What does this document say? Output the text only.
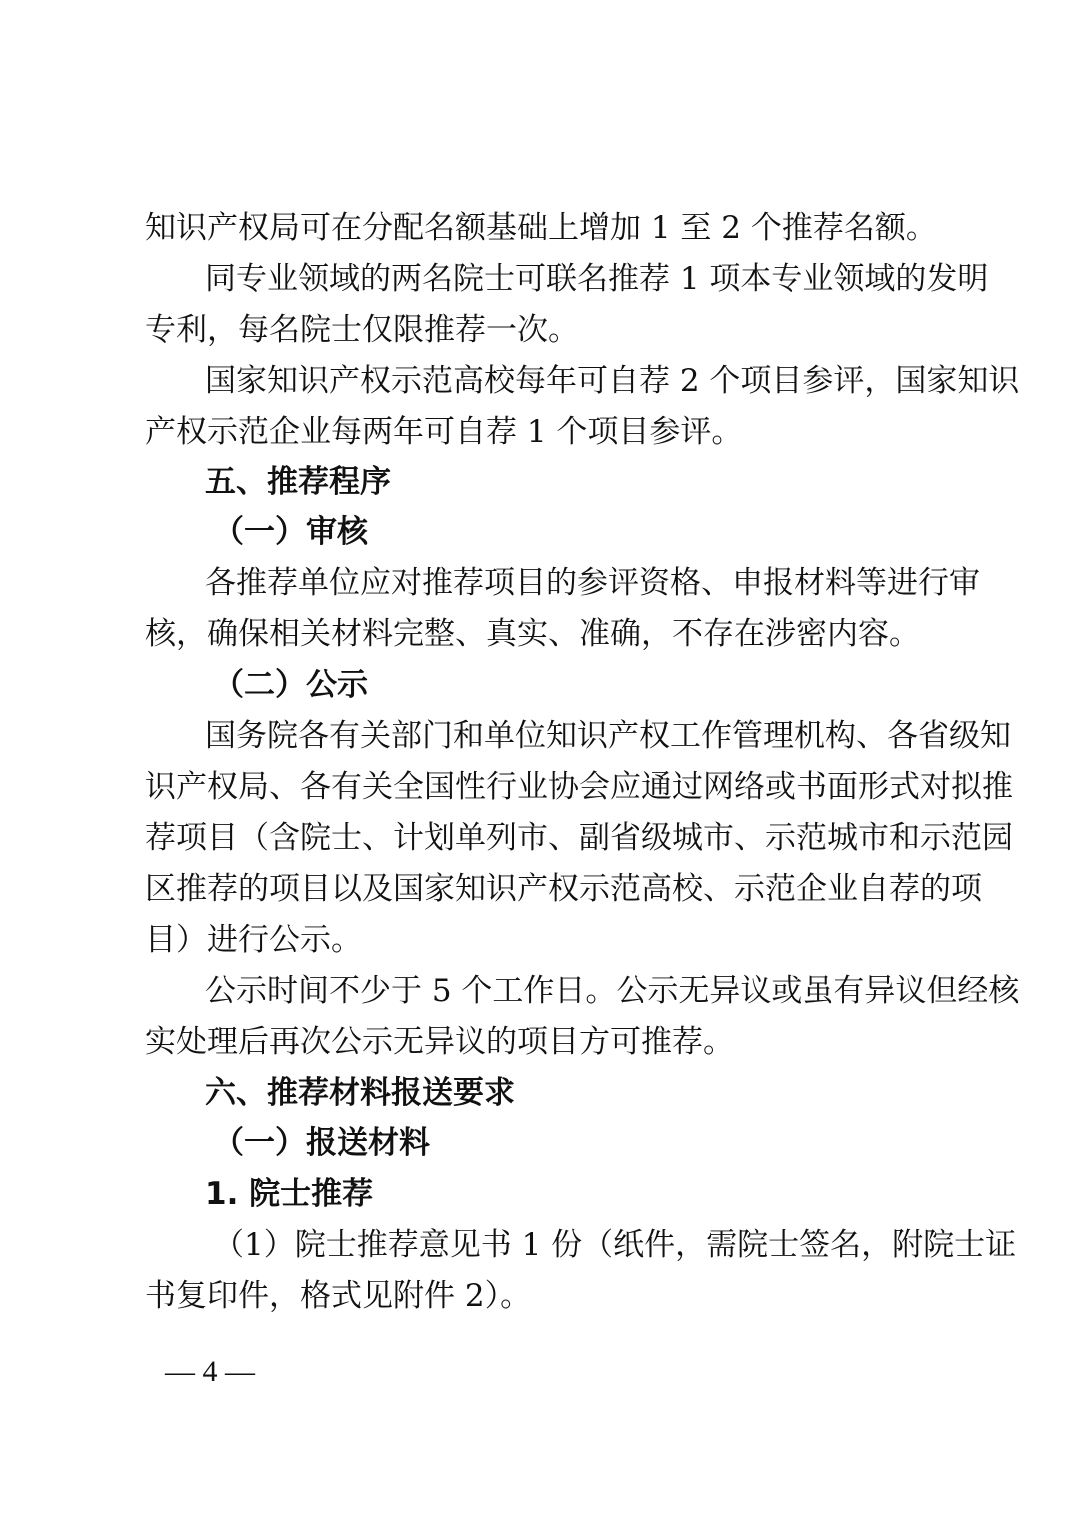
知识产权局可在分配名额基础上增加 1 至 2 个推荐名额。
同专业领域的两名院士可联名推荐 1 项本专业领域的发明
专利，每名院士仅限推荐一次。
国家知识产权示范高校每年可自荐 2 个项目参评，国家知识
产权示范企业每两年可自荐 1 个项目参评。
五、推荐程序
（一）审核
各推荐单位应对推荐项目的参评资格、申报材料等进行审
核，确保相关材料完整、真实、准确，不存在涉密内容。
（二）公示
国务院各有关部门和单位知识产权工作管理机构、各省级知
识产权局、各有关全国性行业协会应通过网络或书面形式对拟推
荐项目（含院士、计划单列市、副省级城市、示范城市和示范园
区推荐的项目以及国家知识产权示范高校、示范企业自荐的项
目）进行公示。
公示时间不少于 5 个工作日。公示无异议或虽有异议但经核
实处理后再次公示无异议的项目方可推荐。
六、推荐材料报送要求
（一）报送材料
1. 院士推荐
（1）院士推荐意见书 1 份（纸件，需院士签名，附院士证
书复印件，格式见附件 2）。
— 4 —
